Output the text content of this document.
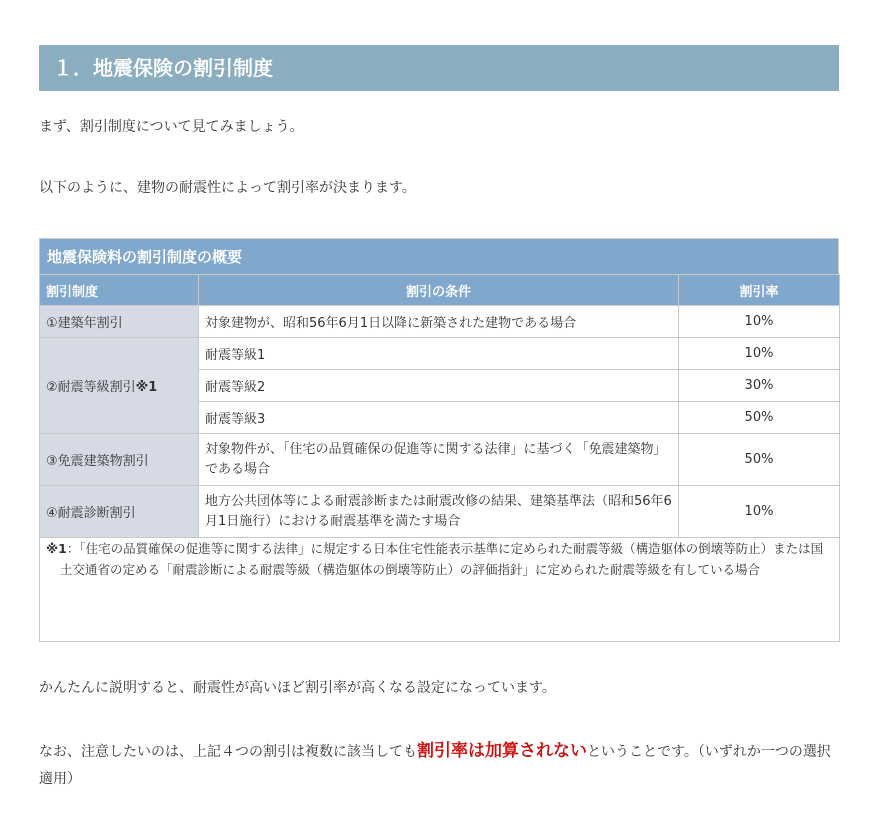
１．地震保険の割引制度

まず、割引制度について見てみましょう。

以下のように、建物の耐震性によって割引率が決まります。

地震保険料の割引制度の概要
割引制度	割引の条件	割引率
①建築年割引	対象建物が、昭和56年6月1日以降に新築された建物である場合	10%
②耐震等級割引※1	耐震等級1	10%
	耐震等級2	30%
	耐震等級3	50%
③免震建築物割引	対象物件が、「住宅の品質確保の促進等に関する法律」に基づく「免震建築物」である場合	50%
④耐震診断割引	地方公共団体等による耐震診断または耐震改修の結果、建築基準法（昭和56年6月1日施行）における耐震基準を満たす場合	10%

※1：「住宅の品質確保の促進等に関する法律」に規定する日本住宅性能表示基準に定められた耐震等級（構造躯体の倒壊等防止）または国土交通省の定める「耐震診断による耐震等級（構造躯体の倒壊等防止）の評価指針」に定められた耐震等級を有している場合		

かんたんに説明すると、耐震性が高いほど割引率が高くなる設定になっています。

なお、注意したいのは、上記４つの割引は複数に該当しても割引率は加算されないということです。（いずれか一つの選択適用）
